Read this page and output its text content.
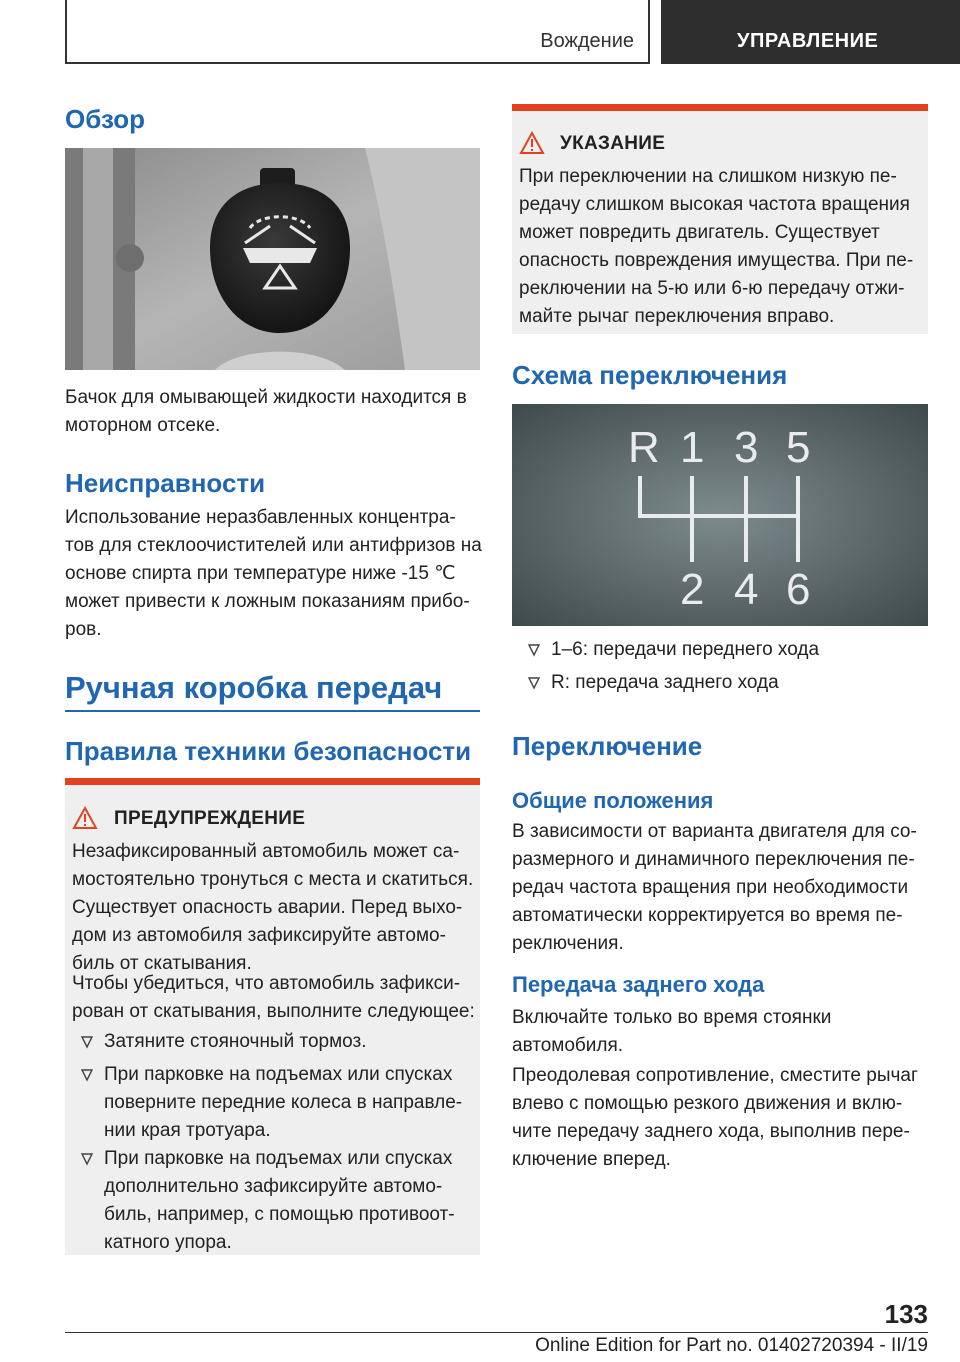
Вождение	УПРАВЛЕНИЕ
Обзор

Бачок для омывающей жидкости находится в

моторном отсеке.

Неисправности

Использование неразбавленных концентра-

тов для стеклоочистителей или антифризов на

основе спирта при температуре ниже -15 ℃

может привести к ложным показаниям прибо-

ров.

Ручная коробка передач
Правила техники безопасности
ПРЕДУПРЕЖДЕНИЕ

Незафиксированный автомобиль может са-

мостоятельно тронуться с места и скатиться.

Существует опасность аварии. Перед выхо-

дом из автомобиля зафиксируйте автомо-

биль от скатывания.

Чтобы убедиться, что автомобиль зафикси-

рован от скатывания, выполните следующее:

Затяните стояночный тормоз.

При парковке на подъемах или спусках

поверните передние колеса в направле-

нии края тротуара.

При парковке на подъемах или спусках

дополнительно зафиксируйте автомо-

биль, например, с помощью противоот-

катного упора.

УКАЗАНИЕ

При переключении на слишком низкую пе-

редачу слишком высокая частота вращения

может повредить двигатель. Существует

опасность повреждения имущества. При пе-

реключении на 5-ю или 6-ю передачу отжи-

майте рычаг переключения вправо.

Схема переключения
R 1 3 5
2 4 6

1–6: передачи переднего хода

R: передача заднего хода

Переключение
Общие положения

В зависимости от варианта двигателя для со-

размерного и динамичного переключения пе-

редач частота вращения при необходимости

автоматически корректируется во время пе-

реключения.

Передача заднего хода

Включайте только во время стоянки

автомобиля.

Преодолевая сопротивление, сместите рычаг

влево с помощью резкого движения и вклю-

чите передачу заднего хода, выполнив пере-

ключение вперед.

133
Online Edition for Part no. 01402720394 - II/19
